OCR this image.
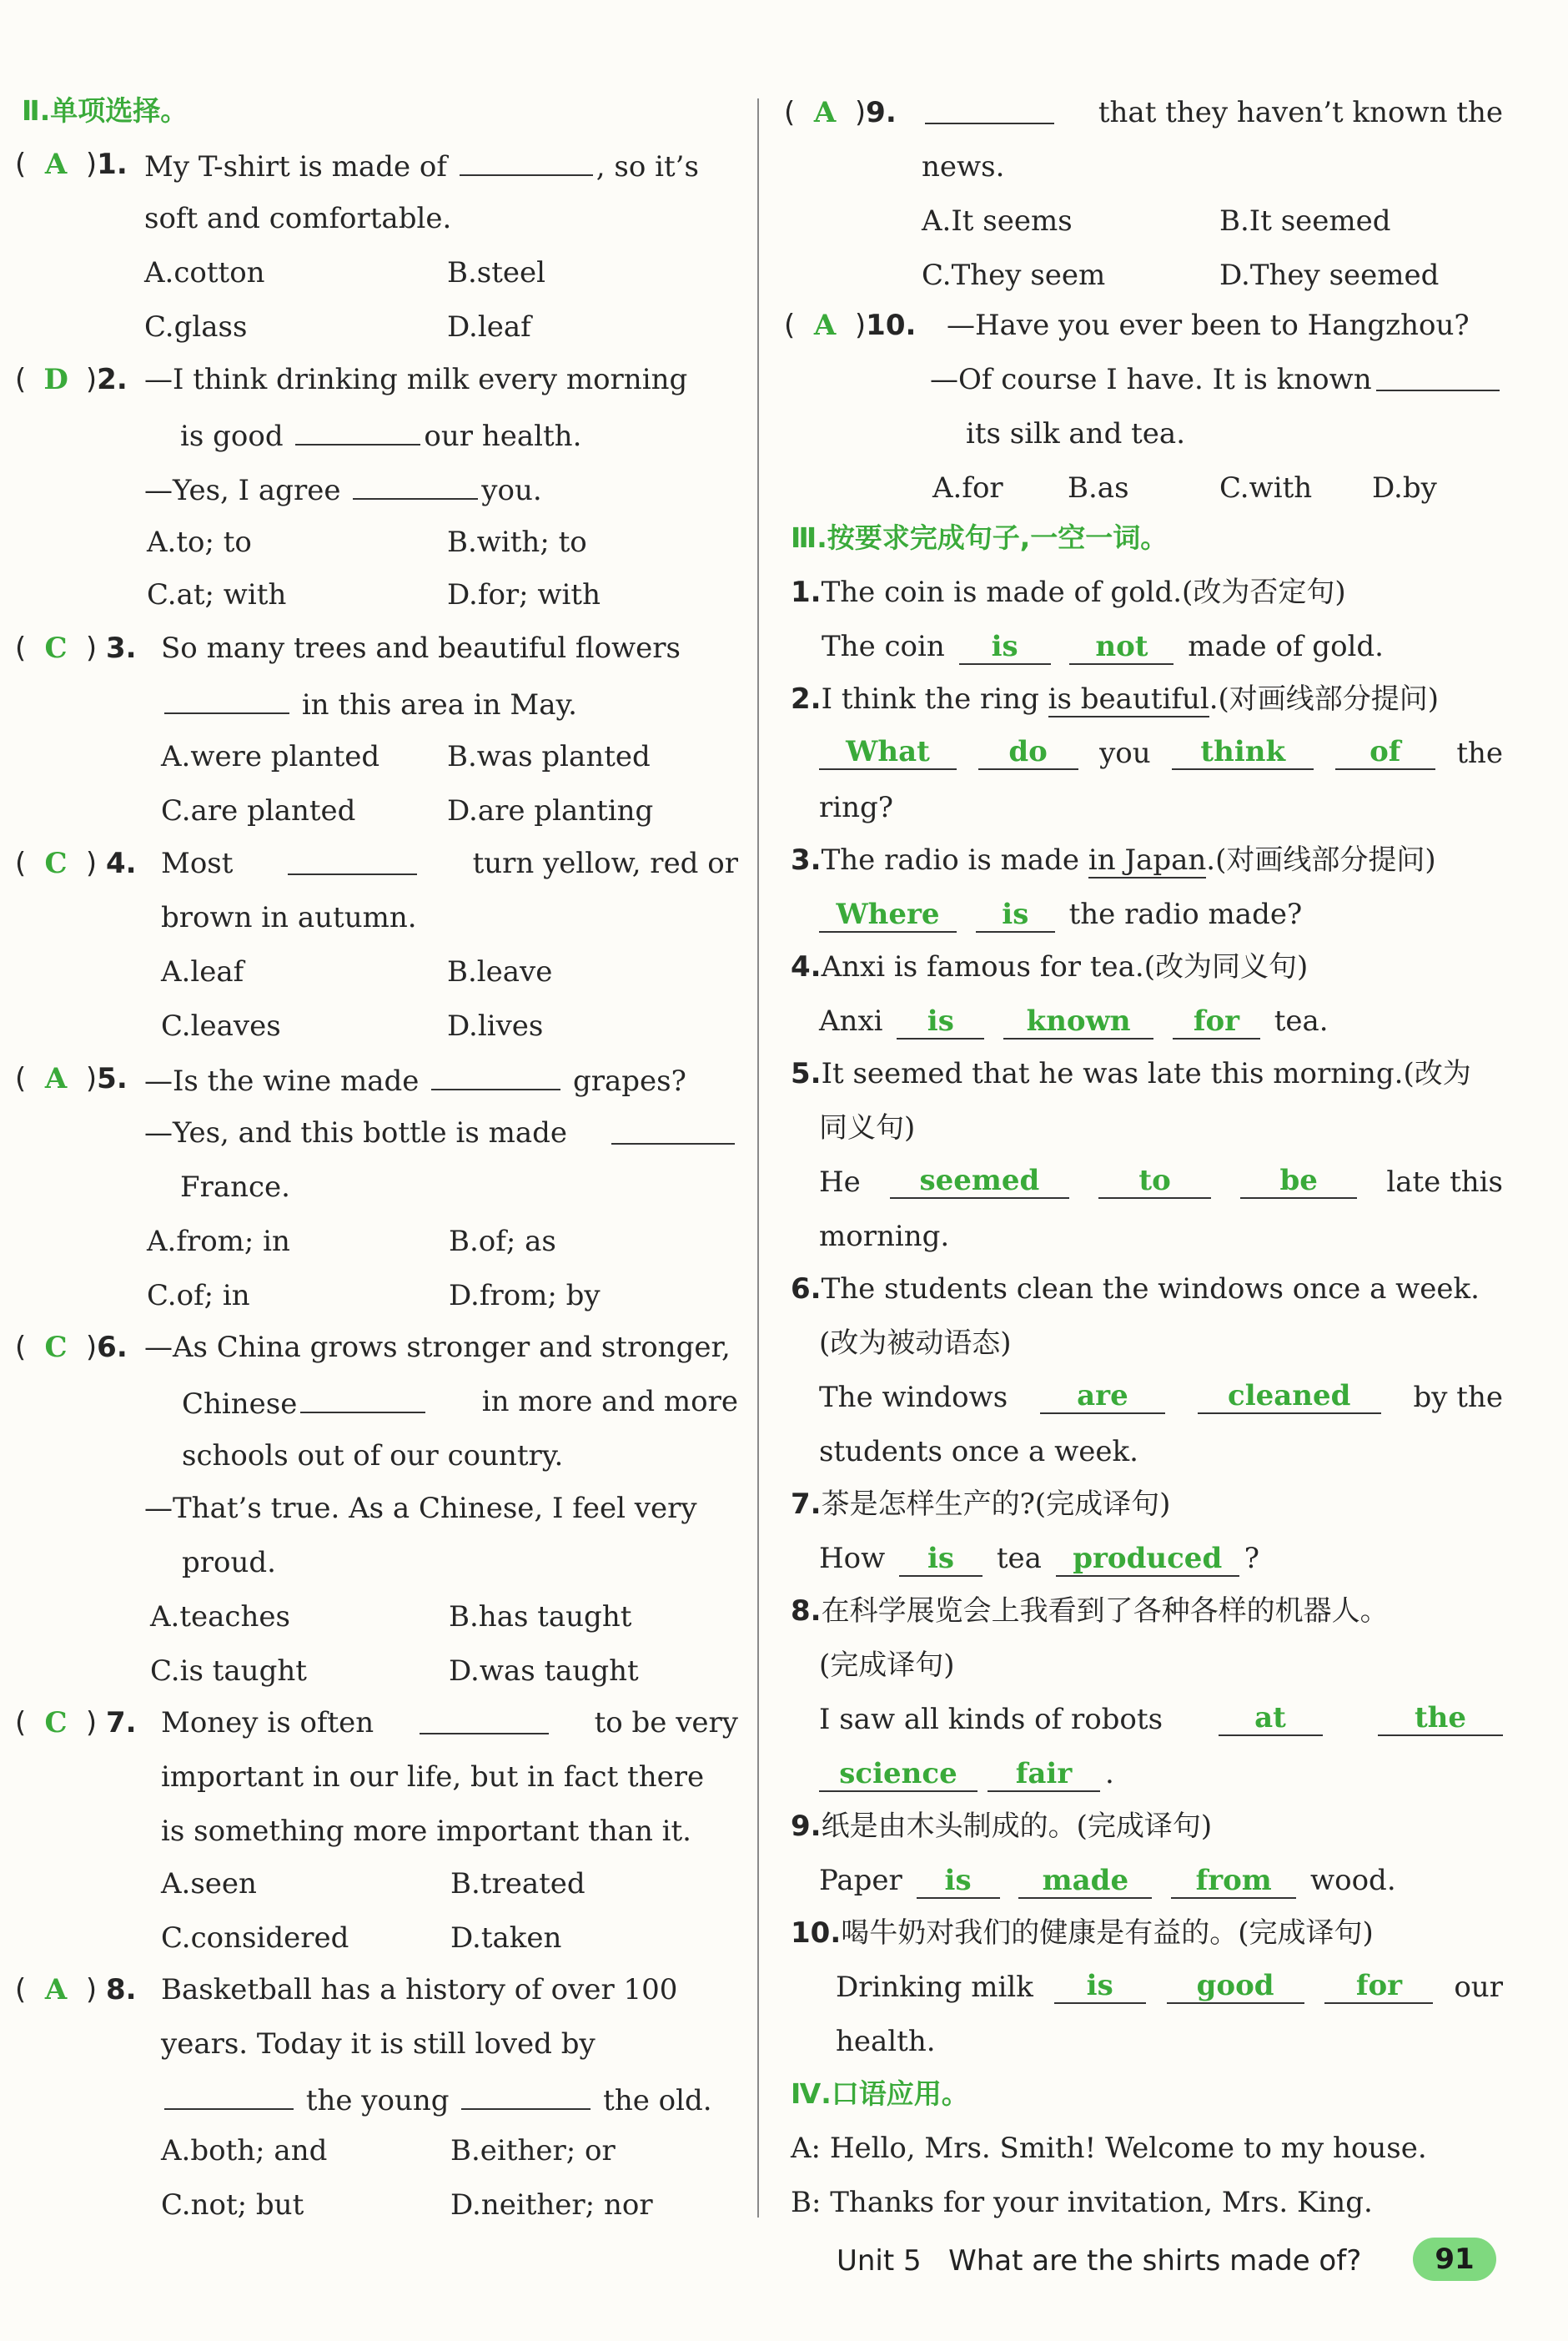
Ⅱ.单项选择。
( A )1. My T-shirt is made of	, so it’s
soft and comfortable.
A.cotton	B.steel
C.glass	D.leaf
( D )2. —I think drinking milk every morning
is good	our health.
—Yes, I agree	you.
A.to; to	B.with; to
C.at; with	D.for; with
( C ) 3. So many trees and beautiful flowers
in this area in May.
A.were planted B.was planted
C.are planted	D.are planting
( C ) 4. Most	turn yellow, red or
brown in autumn.
A.leaf	B.leave
C.leaves	D.lives
( A )5. —Is the wine made	grapes?
—Yes, and this bottle is made
France.
A.from; in	B.of; as
C.of; in	D.from; by
( C )6. —As China grows stronger and stronger,
Chinese	in more and more
schools out of our country.
—That’s true. As a Chinese, I feel very
proud.
A.teaches	B.has taught
C.is taught	D.was taught
( C ) 7. Money is often	to be very
important in our life, but in fact there
is something more important than it.
A.seen	B.treated
C.considered	D.taken
( A ) 8. Basketball has a history of over 100
years. Today it is still loved by
the young	the old.
A.both; and	B.either; or
C.not; but	D.neither; nor
( A )9.	that they haven’t known the
news.
A.It seems	B.It seemed
C.They seem	D.They seemed
( A )10. —Have you ever been to Hangzhou?
—Of course I have. It is known
its silk and tea.
A.for B.as	C.with D.by
Ⅲ.按要求完成句子,一空一词。
1.The coin is made of gold.(改为否定句)
The coin is	not made of gold.
2.I think the ring is beautiful.(对画线部分提问)
What	do	you	think	of	the
ring?
3.The radio is made in Japan.(对画线部分提问)
Where is the radio made?
4.Anxi is famous for tea.(改为同义句)
Anxi is	known for tea.
5.It seemed that he was late this morning.(改为
同义句)
He	seemed	to	be	late this
morning.
6.The students clean the windows once a week.
(改为被动语态)
The windows	are	cleaned	by the
students once a week.
7.茶是怎样生产的?(完成译句)
How is tea produced ?
8.在科学展览会上我看到了各种各样的机器人。
(完成译句)
I saw all kinds of robots	at	the
science fair .
9.纸是由木头制成的。(完成译句)
Paper is	made from wood.
10.喝牛奶对我们的健康是有益的。(完成译句)
Drinking milk	is	good	for	our
health.
Ⅳ.口语应用。
A: Hello, Mrs. Smith! Welcome to my house.
B: Thanks for your invitation, Mrs. King.
Unit 5 What are the shirts made of?	91
